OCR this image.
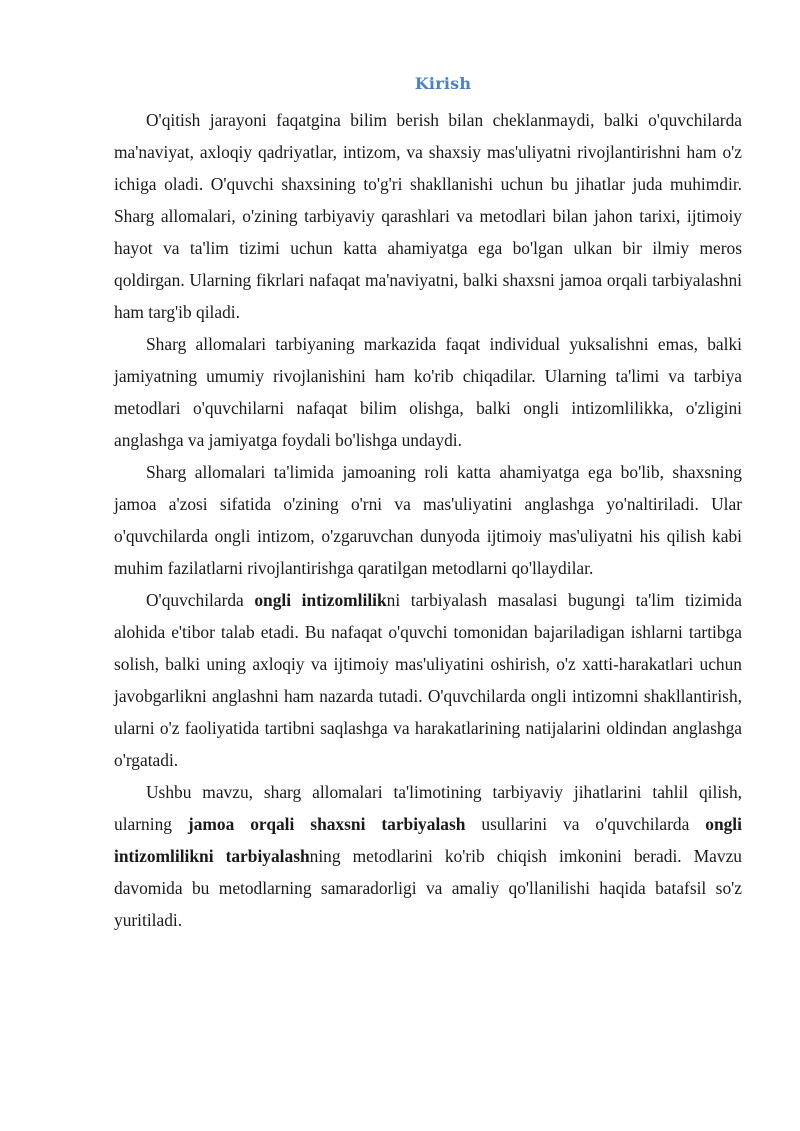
Kirish

O'qitish jarayoni faqatgina bilim berish bilan cheklanmaydi, balki o'quvchilarda ma'naviyat, axloqiy qadriyatlar, intizom, va shaxsiy mas'uliyatni rivojlantirishni ham o'z ichiga oladi. O'quvchi shaxsining to'g'ri shakllanishi uchun bu jihatlar juda muhimdir. Sharg allomalari, o'zining tarbiyaviy qarashlari va metodlari bilan jahon tarixi, ijtimoiy hayot va ta'lim tizimi uchun katta ahamiyatga ega bo'lgan ulkan bir ilmiy meros qoldirgan. Ularning fikrlari nafaqat ma'naviyatni, balki shaxsni jamoa orqali tarbiyalashni ham targ'ib qiladi.

Sharg allomalari tarbiyaning markazida faqat individual yuksalishni emas, balki jamiyatning umumiy rivojlanishini ham ko'rib chiqadilar. Ularning ta'limi va tarbiya metodlari o'quvchilarni nafaqat bilim olishga, balki ongli intizomlilikka, o'zligini anglashga va jamiyatga foydali bo'lishga undaydi.

Sharg allomalari ta'limida jamoaning roli katta ahamiyatga ega bo'lib, shaxsning jamoa a'zosi sifatida o'zining o'rni va mas'uliyatini anglashga yo'naltiriladi. Ular o'quvchilarda ongli intizom, o'zgaruvchan dunyoda ijtimoiy mas'uliyatni his qilish kabi muhim fazilatlarni rivojlantirishga qaratilgan metodlarni qo'llaydilar.

O'quvchilarda ongli intizomlilikni tarbiyalash masalasi bugungi ta'lim tizimida alohida e'tibor talab etadi. Bu nafaqat o'quvchi tomonidan bajariladigan ishlarni tartibga solish, balki uning axloqiy va ijtimoiy mas'uliyatini oshirish, o'z xatti-harakatlari uchun javobgarlikni anglashni ham nazarda tutadi. O'quvchilarda ongli intizomni shakllantirish, ularni o'z faoliyatida tartibni saqlashga va harakatlarining natijalarini oldindan anglashga o'rgatadi.

Ushbu mavzu, sharg allomalari ta'limotining tarbiyaviy jihatlarini tahlil qilish, ularning jamoa orqali shaxsni tarbiyalash usullarini va o'quvchilarda ongli intizomlilikni tarbiyalashning metodlarini ko'rib chiqish imkonini beradi. Mavzu davomida bu metodlarning samaradorligi va amaliy qo'llanilishi haqida batafsil so'z yuritiladi.
